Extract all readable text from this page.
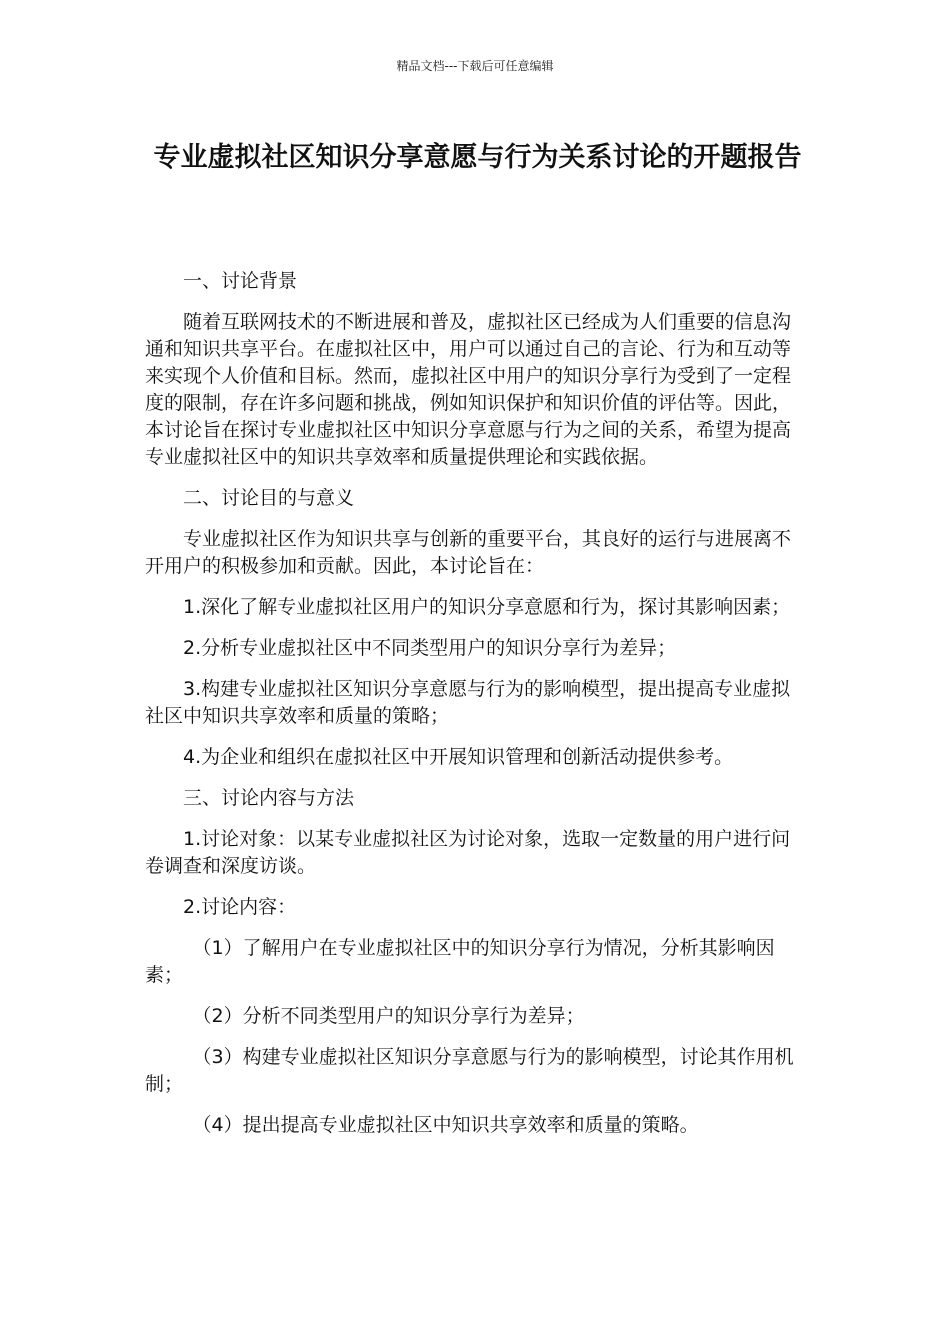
精品文档---下载后可任意编辑
专业虚拟社区知识分享意愿与行为关系讨论的开题报告

一、讨论背景

随着互联网技术的不断进展和普及，虚拟社区已经成为人们重要的信息沟通和知识共享平台。在虚拟社区中，用户可以通过自己的言论、行为和互动等来实现个人价值和目标。然而，虚拟社区中用户的知识分享行为受到了一定程度的限制，存在许多问题和挑战，例如知识保护和知识价值的评估等。因此，本讨论旨在探讨专业虚拟社区中知识分享意愿与行为之间的关系，希望为提高专业虚拟社区中的知识共享效率和质量提供理论和实践依据。

二、讨论目的与意义

专业虚拟社区作为知识共享与创新的重要平台，其良好的运行与进展离不开用户的积极参加和贡献。因此，本讨论旨在：

1.深化了解专业虚拟社区用户的知识分享意愿和行为，探讨其影响因素；

2.分析专业虚拟社区中不同类型用户的知识分享行为差异；

3.构建专业虚拟社区知识分享意愿与行为的影响模型，提出提高专业虚拟社区中知识共享效率和质量的策略；

4.为企业和组织在虚拟社区中开展知识管理和创新活动提供参考。

三、讨论内容与方法

1.讨论对象：以某专业虚拟社区为讨论对象，选取一定数量的用户进行问卷调查和深度访谈。

2.讨论内容：

（1）了解用户在专业虚拟社区中的知识分享行为情况，分析其影响因素；

（2）分析不同类型用户的知识分享行为差异；

（3）构建专业虚拟社区知识分享意愿与行为的影响模型，讨论其作用机制；

（4）提出提高专业虚拟社区中知识共享效率和质量的策略。
